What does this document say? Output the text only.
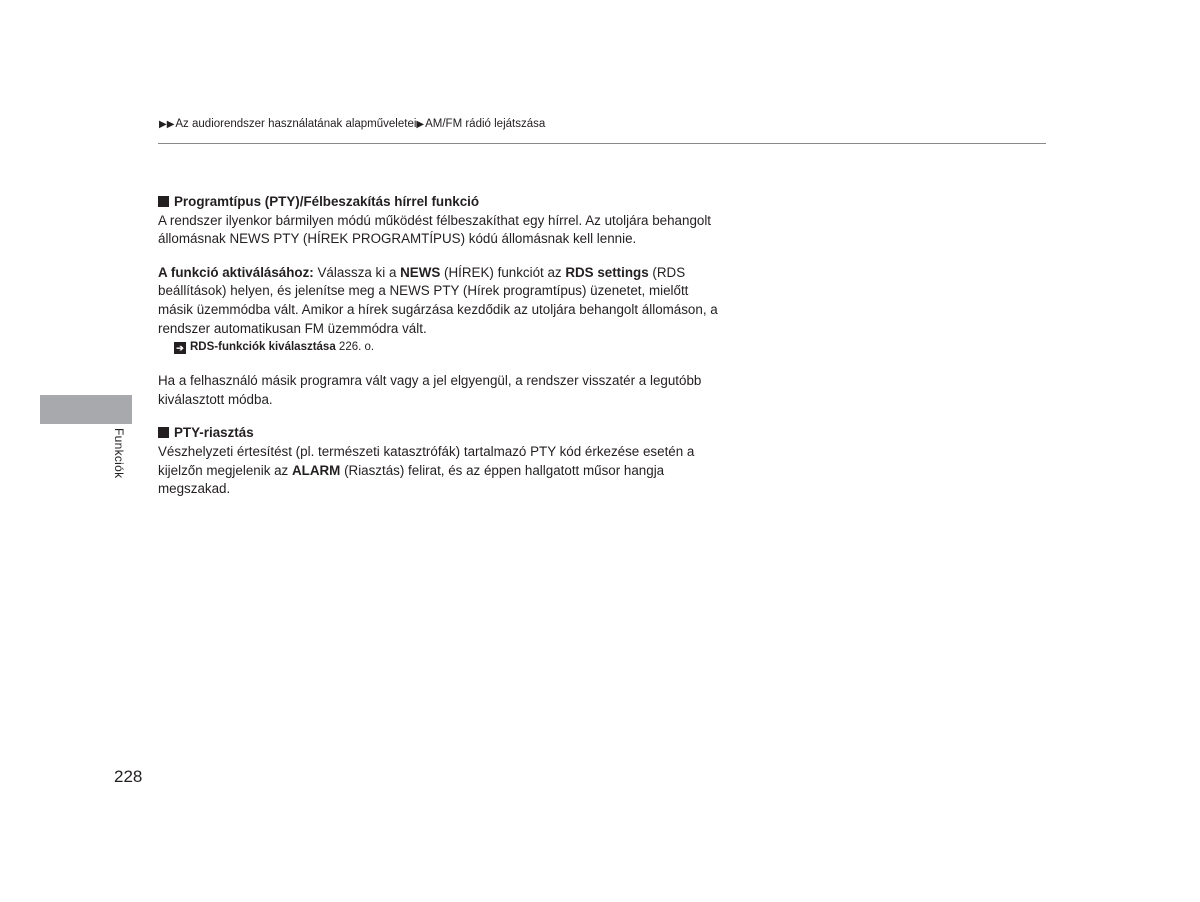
▶▶Az audiorendszer használatának alapműveletei▶AM/FM rádió lejátszása

Programtípus (PTY)/Félbeszakítás hírrel funkció

A rendszer ilyenkor bármilyen módú működést félbeszakíthat egy hírrel. Az utoljára behangolt állomásnak NEWS PTY (HÍREK PROGRAMTÍPUS) kódú állomásnak kell lennie.

A funkció aktiválásához: Válassza ki a NEWS (HÍREK) funkciót az RDS settings (RDS beállítások) helyen, és jelenítse meg a NEWS PTY (Hírek programtípus) üzenetet, mielőtt másik üzemmódba vált. Amikor a hírek sugárzása kezdődik az utoljára behangolt állomáson, a rendszer automatikusan FM üzemmódra vált.

➔ RDS-funkciók kiválasztása 226. o.

Ha a felhasználó másik programra vált vagy a jel elgyengül, a rendszer visszatér a legutóbb kiválasztott módba.

PTY-riasztás

Vészhelyzeti értesítést (pl. természeti katasztrófák) tartalmazó PTY kód érkezése esetén a kijelzőn megjelenik az ALARM (Riasztás) felirat, és az éppen hallgatott műsor hangja megszakad.

Funkciók
228
